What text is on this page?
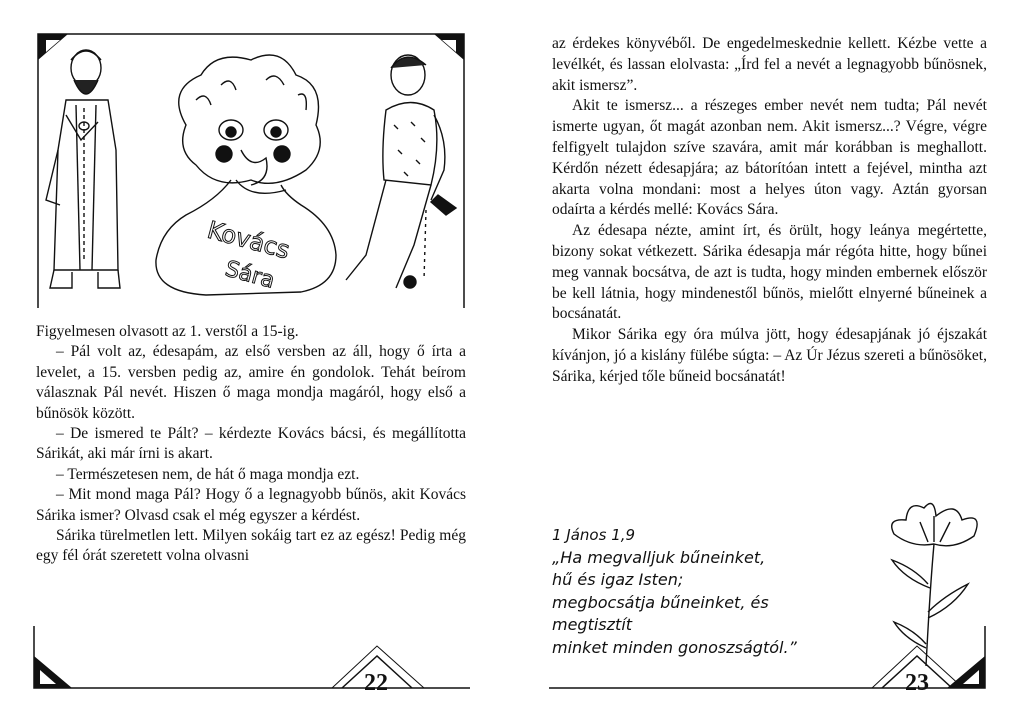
Kovács
Sára

Figyelmesen olvasott az 1. verstől a 15-ig.

– Pál volt az, édesapám, az első versben az áll, hogy ő írta a levelet, a 15. versben pedig az, amire én gondolok. Tehát beírom válasznak Pál nevét. Hiszen ő maga mondja magáról, hogy első a bűnösök között.

– De ismered te Pált? – kérdezte Kovács bácsi, és megállította Sárikát, aki már írni is akart.

– Természetesen nem, de hát ő maga mondja ezt.

– Mit mond maga Pál? Hogy ő a legnagyobb bűnös, akit Kovács Sárika ismer? Olvasd csak el még egyszer a kérdést.

Sárika türelmetlen lett. Milyen sokáig tart ez az egész! Pedig még egy fél órát szeretett volna olvasni

22

az érdekes könyvéből. De engedelmeskednie kellett. Kézbe vette a levélkét, és lassan elolvasta: „Írd fel a nevét a legnagyobb bűnösnek, akit ismersz”.

Akit te ismersz... a részeges ember nevét nem tudta; Pál nevét ismerte ugyan, őt magát azonban nem. Akit ismersz...? Végre, végre felfigyelt tulajdon szíve szavára, amit már korábban is meghallott. Kérdőn nézett édesapjára; az bátorítóan intett a fejével, mintha azt akarta volna mondani: most a helyes úton vagy. Aztán gyorsan odaírta a kérdés mellé: Kovács Sára.

Az édesapa nézte, amint írt, és örült, hogy leánya megértette, bizony sokat vétkezett. Sárika édesapja már régóta hitte, hogy bűnei meg vannak bocsátva, de azt is tudta, hogy minden embernek először be kell látnia, hogy mindenestől bűnös, mielőtt elnyerné bűneinek a bocsánatát.

Mikor Sárika egy óra múlva jött, hogy édesapjának jó éjszakát kívánjon, jó a kislány fülébe súgta: – Az Úr Jézus szereti a bűnösöket, Sárika, kérjed tőle bűneid bocsánatát!

1 János 1,9
„Ha megvalljuk bűneinket,
hű és igaz Isten;
megbocsátja bűneinket, és megtisztít
minket minden gonoszságtól.”
23
